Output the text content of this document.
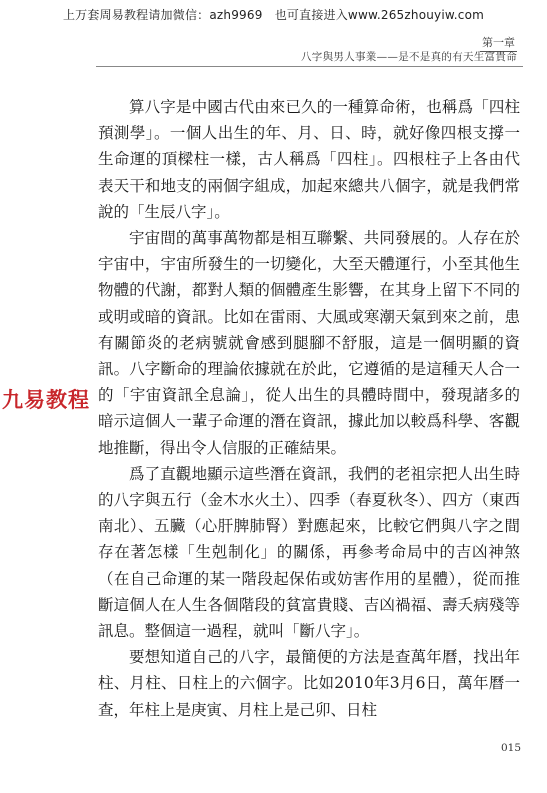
上万套周易教程请加微信：azh9969　也可直接进入www.265zhouyiw.com
第一章
八字與男人事業——是不是真的有天生富貴命

算八字是中國古代由來已久的一種算命術，也稱爲「四柱預測學」。一個人出生的年、月、日、時，就好像四根支撐一生命運的頂樑柱一樣，古人稱爲「四柱」。四根柱子上各由代表天干和地支的兩個字組成，加起來總共八個字，就是我們常說的「生辰八字」。

宇宙間的萬事萬物都是相互聯繫、共同發展的。人存在於宇宙中，宇宙所發生的一切變化，大至天體運行，小至其他生物體的代謝，都對人類的個體產生影響，在其身上留下不同的或明或暗的資訊。比如在雷雨、大風或寒潮天氣到來之前，患有關節炎的老病號就會感到腿腳不舒服，這是一個明顯的資訊。八字斷命的理論依據就在於此，它遵循的是這種天人合一的「宇宙資訊全息論」，從人出生的具體時間中，發現諸多的暗示這個人一輩子命運的潛在資訊，據此加以較爲科學、客觀地推斷，得出令人信服的正確結果。

爲了直觀地顯示這些潛在資訊，我們的老祖宗把人出生時的八字與五行（金木水火土）、四季（春夏秋冬）、四方（東西南北）、五臟（心肝脾肺腎）對應起來，比較它們與八字之間存在著怎樣「生剋制化」的關係，再參考命局中的吉凶神煞（在自己命運的某一階段起保佑或妨害作用的星體），從而推斷這個人在人生各個階段的貧富貴賤、吉凶禍福、壽夭病殘等訊息。整個這一過程，就叫「斷八字」。

要想知道自己的八字，最簡便的方法是查萬年曆，找出年柱、月柱、日柱上的六個字。比如2010年3月6日，萬年曆一查，年柱上是庚寅、月柱上是己卯、日柱

九易教程
015
